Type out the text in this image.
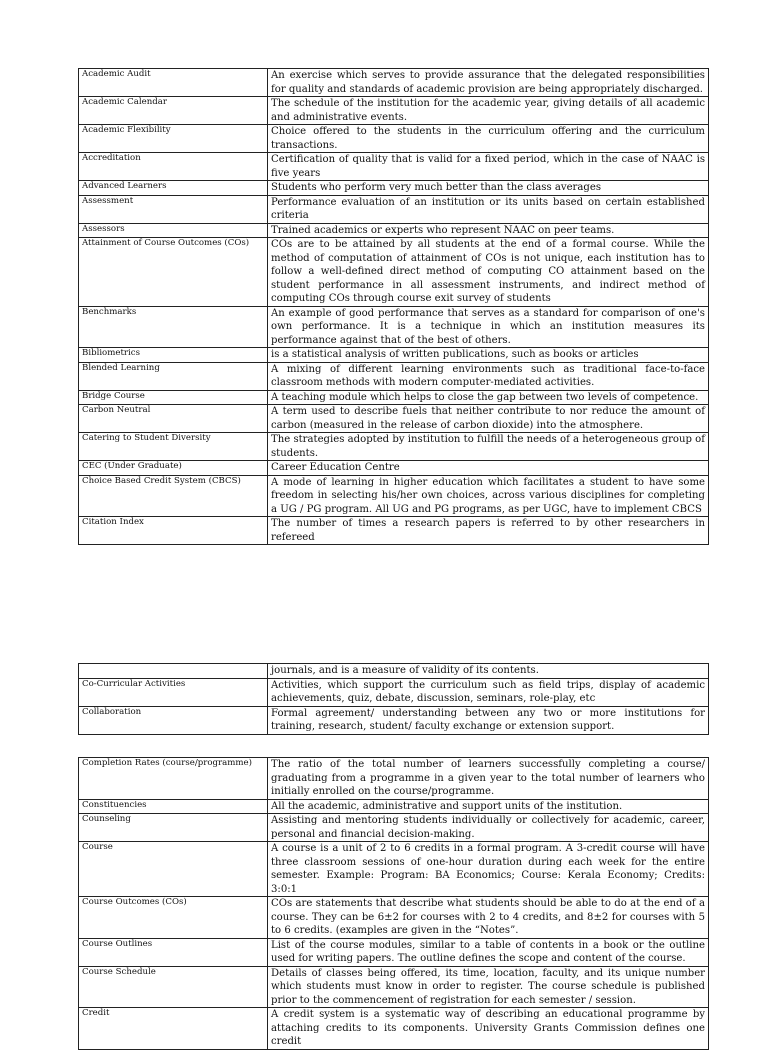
Academic Audit	An exercise which serves to provide assurance that the delegated responsibilities for quality and standards of academic provision are being appropriately discharged.
Academic Calendar	The schedule of the institution for the academic year, giving details of all academic and administrative events.
Academic Flexibility	Choice offered to the students in the curriculum offering and the curriculum transactions.
Accreditation	Certification of quality that is valid for a fixed period, which in the case of NAAC is five years
Advanced Learners	Students who perform very much better than the class averages
Assessment	Performance evaluation of an institution or its units based on certain established criteria
Assessors	Trained academics or experts who represent NAAC on peer teams.
Attainment of Course Outcomes (COs)	COs are to be attained by all students at the end of a formal course. While the method of computation of attainment of COs is not unique, each institution has to follow a well-defined direct method of computing CO attainment based on the student performance in all assessment instruments, and indirect method of computing COs through course exit survey of students
Benchmarks	An example of good performance that serves as a standard for comparison of one's own performance. It is a technique in which an institution measures its performance against that of the best of others.
Bibliometrics	is a statistical analysis of written publications, such as books or articles
Blended Learning	A mixing of different learning environments such as traditional face-to-face classroom methods with modern computer-mediated activities.
Bridge Course	A teaching module which helps to close the gap between two levels of competence.
Carbon Neutral	A term used to describe fuels that neither contribute to nor reduce the amount of carbon (measured in the release of carbon dioxide) into the atmosphere.
Catering to Student Diversity	The strategies adopted by institution to fulfill the needs of a heterogeneous group of students.
CEC (Under Graduate)	Career Education Centre
Choice Based Credit System (CBCS)	A mode of learning in higher education which facilitates a student to have some freedom in selecting his/her own choices, across various disciplines for completing a UG / PG program. All UG and PG programs, as per UGC, have to implement CBCS
Citation Index	The number of times a research papers is referred to by other researchers in refereed
	journals, and is a measure of validity of its contents.
Co-Curricular Activities	Activities, which support the curriculum such as field trips, display of academic achievements, quiz, debate, discussion, seminars, role-play, etc
Collaboration	Formal agreement/ understanding between any two or more institutions for training, research, student/ faculty exchange or extension support.
Completion Rates (course/programme)	The ratio of the total number of learners successfully completing a course/ graduating from a programme in a given year to the total number of learners who initially enrolled on the course/programme.
Constituencies	All the academic, administrative and support units of the institution.
Counseling	Assisting and mentoring students individually or collectively for academic, career, personal and financial decision-making.
Course	A course is a unit of 2 to 6 credits in a formal program. A 3-credit course will have three classroom sessions of one-hour duration during each week for the entire semester. Example: Program: BA Economics; Course: Kerala Economy; Credits: 3:0:1
Course Outcomes (COs)	COs are statements that describe what students should be able to do at the end of a course. They can be 6±2 for courses with 2 to 4 credits, and 8±2 for courses with 5 to 6 credits. (examples are given in the “Notes”.
Course Outlines	List of the course modules, similar to a table of contents in a book or the outline used for writing papers. The outline defines the scope and content of the course.
Course Schedule	Details of classes being offered, its time, location, faculty, and its unique number which students must know in order to register. The course schedule is published prior to the commencement of registration for each semester / session.
Credit	A credit system is a systematic way of describing an educational programme by attaching credits to its components. University Grants Commission defines one credit
